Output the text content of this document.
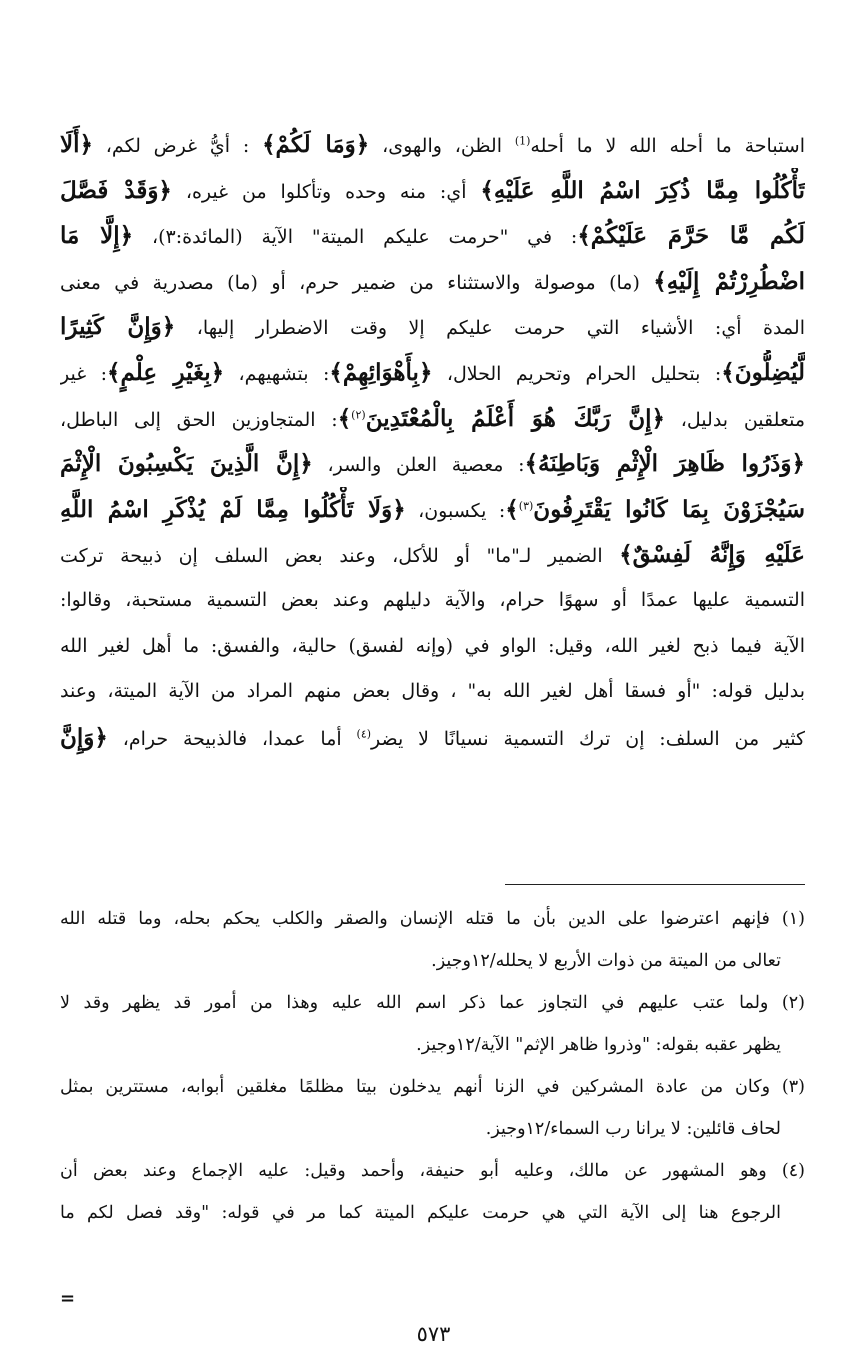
استباحة ما أحله الله لا ما أحله$^{(1)}$ الظن، والهوى، ﴿وَمَا لَكُمْ﴾ : أيُّ غرض لكم، ﴿أَلَا
تَأْكُلُوا مِمَّا ذُكِرَ اسْمُ اللَّهِ عَلَيْهِ﴾ أي: منه وحده وتأكلوا من غيره، ﴿وَقَدْ فَصَّلَ
لَكُم مَّا حَرَّمَ عَلَيْكُمْ﴾: في "حرمت عليكم الميتة" الآية (المائدة:٣)، ﴿إِلَّا مَا
اضْطُرِرْتُمْ إِلَيْهِ﴾ (ما) موصولة والاستثناء من ضمير حرم، أو (ما) مصدرية في معنى
المدة أي: الأشياء التي حرمت عليكم إلا وقت الاضطرار إليها، ﴿وَإِنَّ كَثِيرًا
لَّيُضِلُّونَ﴾: بتحليل الحرام وتحريم الحلال، ﴿بِأَهْوَائِهِمْ﴾: بتشهيهم، ﴿بِغَيْرِ عِلْمٍ﴾: غير
متعلقين بدليل، ﴿إِنَّ رَبَّكَ هُوَ أَعْلَمُ بِالْمُعْتَدِينَ$^{(٢)}$﴾: المتجاوزين الحق إلى الباطل،
﴿وَذَرُوا ظَاهِرَ الْإِثْمِ وَبَاطِنَهُ﴾: معصية العلن والسر، ﴿إِنَّ الَّذِينَ يَكْسِبُونَ الْإِثْمَ
سَيُجْزَوْنَ بِمَا كَانُوا يَقْتَرِفُونَ$^{(٣)}$﴾: يكسبون، ﴿وَلَا تَأْكُلُوا مِمَّا لَمْ يُذْكَرِ اسْمُ اللَّهِ
عَلَيْهِ وَإِنَّهُ لَفِسْقٌ﴾ الضمير لـ"ما" أو للأكل، وعند بعض السلف إن ذبيحة تركت
التسمية عليها عمدًا أو سهوًا حرام، والآية دليلهم وعند بعض التسمية مستحبة، وقالوا:
الآية فيما ذبح لغير الله، وقيل: الواو في (وإنه لفسق) حالية، والفسق: ما أهل لغير الله
بدليل قوله: "أو فسقا أهل لغير الله به" ، وقال بعض منهم المراد من الآية الميتة، وعند
كثير من السلف: إن ترك التسمية نسيانًا لا يضر$^{(٤)}$ أما عمدا، فالذبيحة حرام، ﴿وَإِنَّ
(١) فإنهم اعترضوا على الدين بأن ما قتله الإنسان والصقر والكلب يحكم بحله، وما قتله الله
تعالى من الميتة من ذوات الأربع لا يحلله/١٢وجيز.
(٢) ولما عتب عليهم في التجاوز عما ذكر اسم الله عليه وهذا من أمور قد يظهر وقد لا
يظهر عقبه بقوله: "وذروا ظاهر الإثم" الآية/١٢وجيز.
(٣) وكان من عادة المشركين في الزنا أنهم يدخلون بيتا مظلمًا مغلقين أبوابه، مستترين بمثل
لحاف قائلين: لا يرانا رب السماء/١٢وجيز.
(٤) وهو المشهور عن مالك، وعليه أبو حنيفة، وأحمد وقيل: عليه الإجماع وعند بعض أن
الرجوع هنا إلى الآية التي هي حرمت عليكم الميتة كما مر في قوله: "وقد فصل لكم ما
=
٥٧٣
